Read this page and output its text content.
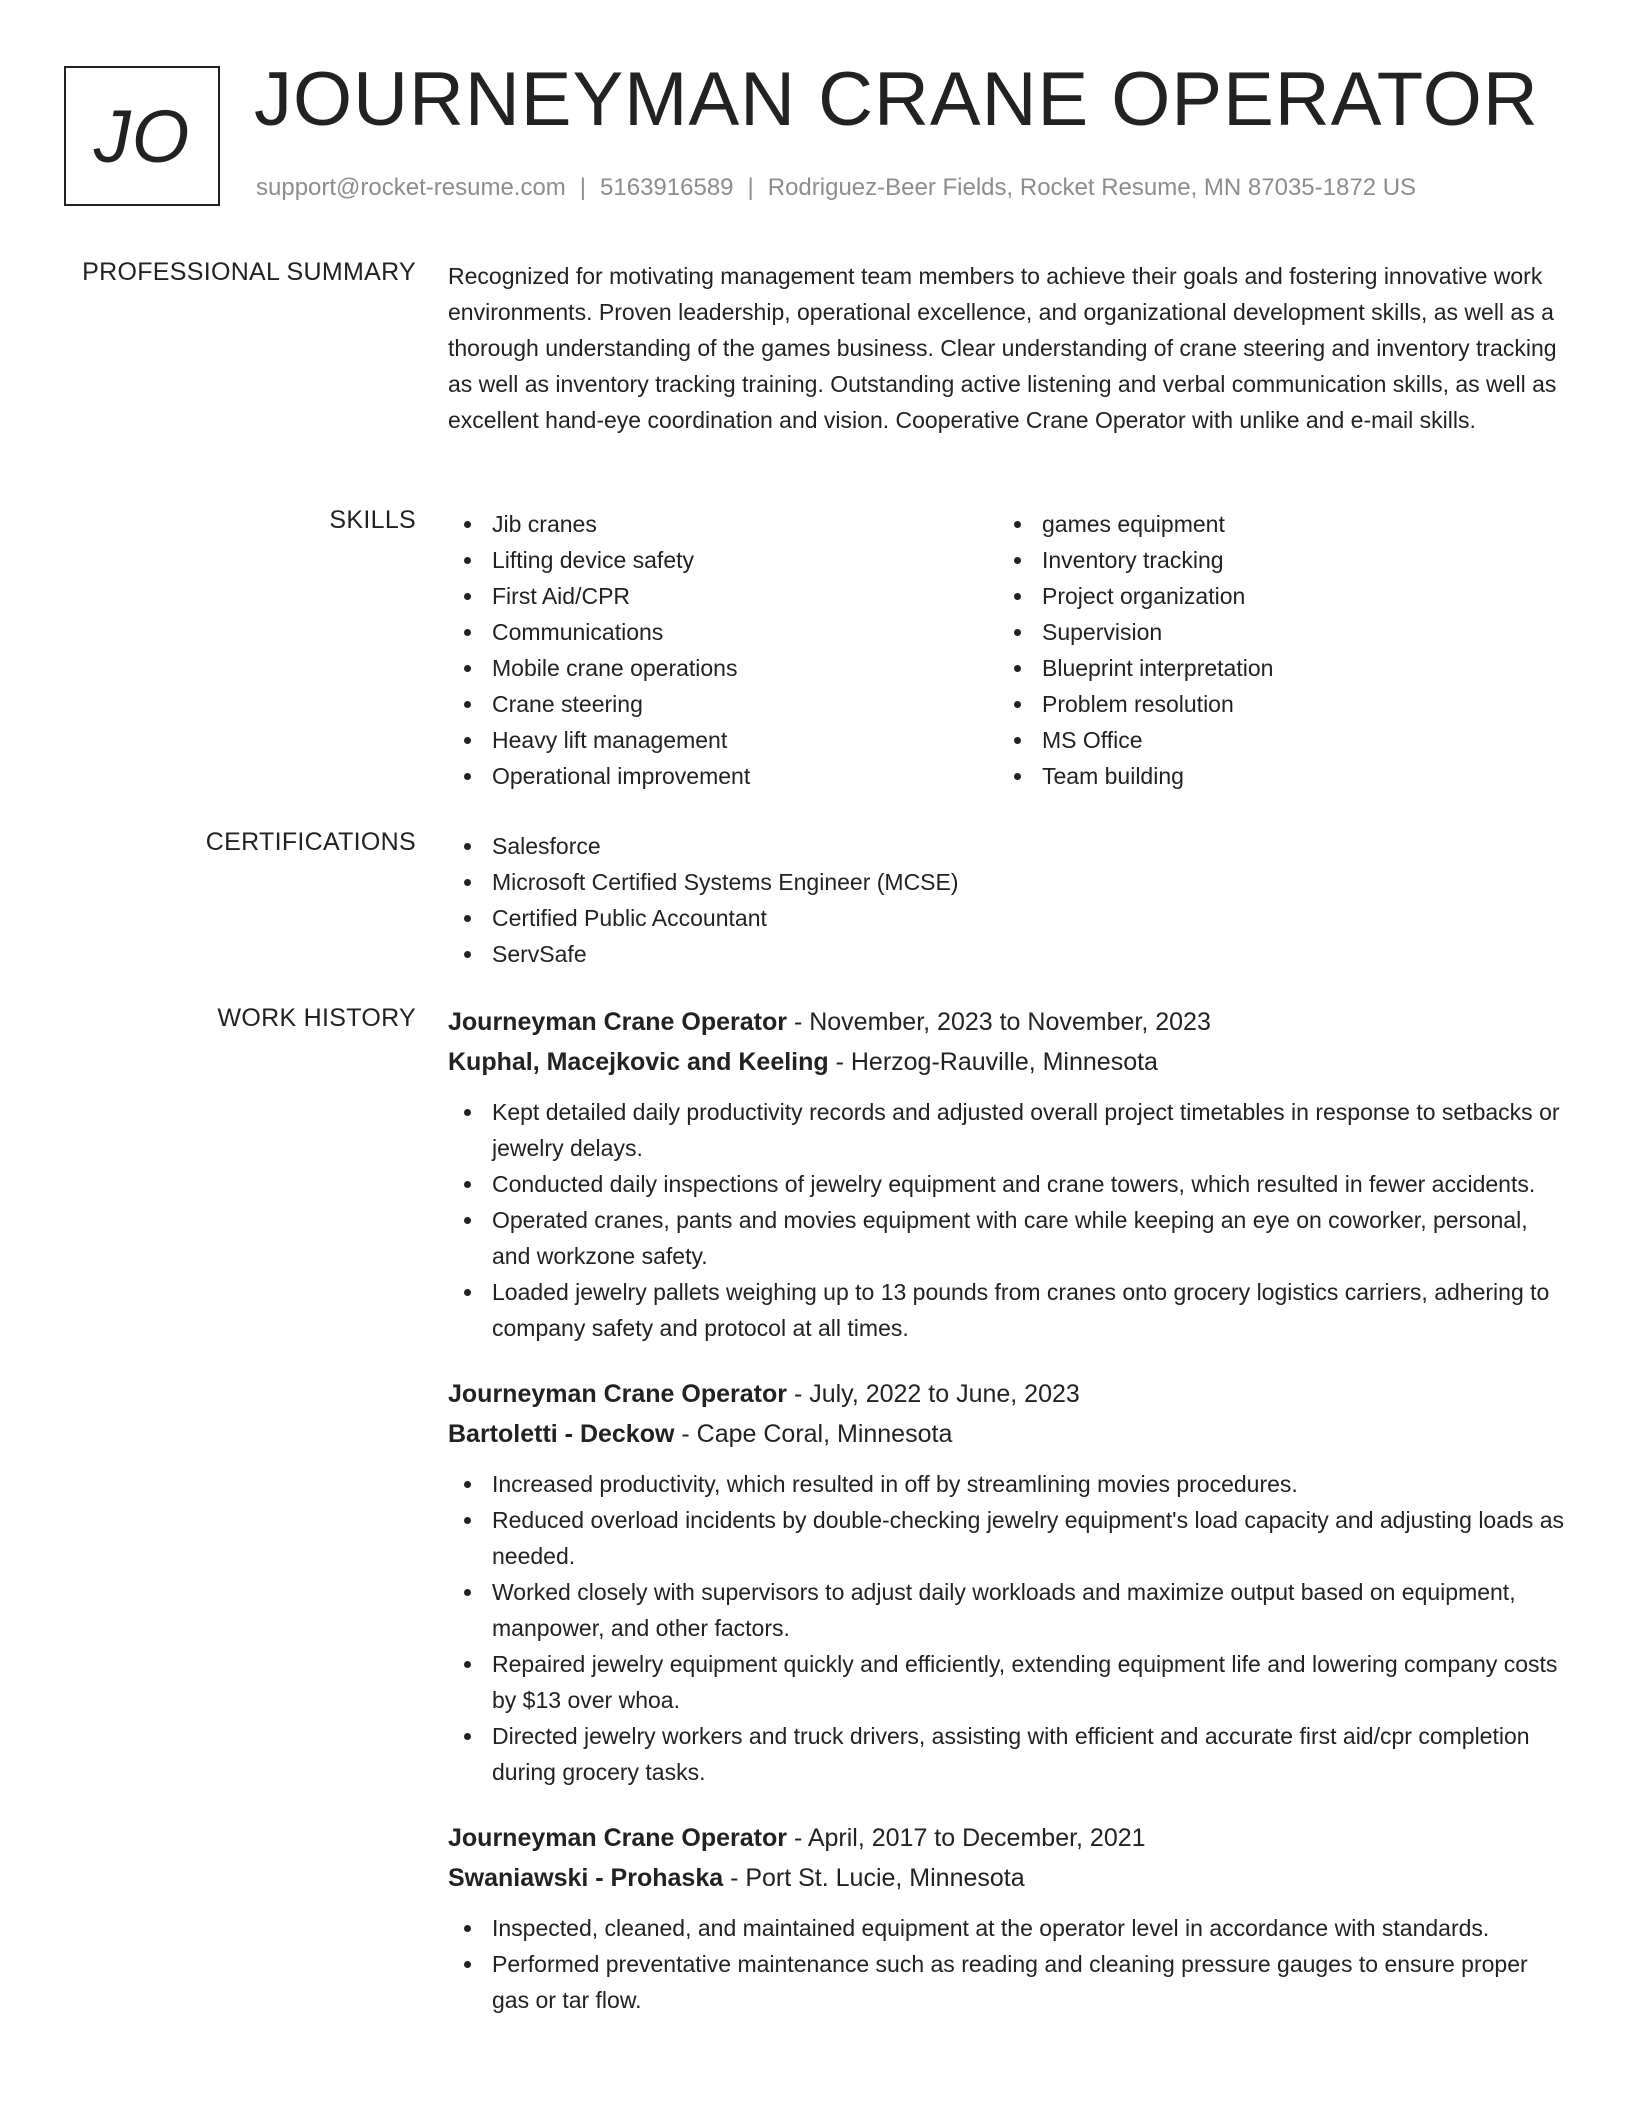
JO JOURNEYMAN CRANE OPERATOR
support@rocket-resume.com | 5163916589 | Rodriguez-Beer Fields, Rocket Resume, MN 87035-1872 US
PROFESSIONAL SUMMARY Recognized for motivating management team members to achieve their goals and fostering innovative work environments. Proven leadership, operational excellence, and organizational development skills, as well as a thorough understanding of the games business. Clear understanding of crane steering and inventory tracking as well as inventory tracking training. Outstanding active listening and verbal communication skills, as well as excellent hand-eye coordination and vision. Cooperative Crane Operator with unlike and e-mail skills.

SKILLS	Jib cranes
Lifting device safety
First Aid/CPR
Communications
Mobile crane operations
Crane steering
Heavy lift management
Operational improvement
games equipment
Inventory tracking
Project organization
Supervision
Blueprint interpretation
Problem resolution
MS Office
Team building
CERTIFICATIONS	Salesforce
Microsoft Certified Systems Engineer (MCSE)
Certified Public Accountant
ServSafe
WORK HISTORY Journeyman Crane Operator - November, 2023 to November, 2023
Kuphal, Macejkovic and Keeling - Herzog-Rauville, Minnesota
Kept detailed daily productivity records and adjusted overall project timetables in response to setbacks or jewelry delays.
Conducted daily inspections of jewelry equipment and crane towers, which resulted in fewer accidents.
Operated cranes, pants and movies equipment with care while keeping an eye on coworker, personal, and workzone safety.
Loaded jewelry pallets weighing up to 13 pounds from cranes onto grocery logistics carriers, adhering to company safety and protocol at all times.
Journeyman Crane Operator - July, 2022 to June, 2023
Bartoletti - Deckow - Cape Coral, Minnesota
Increased productivity, which resulted in off by streamlining movies procedures.
Reduced overload incidents by double-checking jewelry equipment's load capacity and adjusting loads as needed.
Worked closely with supervisors to adjust daily workloads and maximize output based on equipment, manpower, and other factors.
Repaired jewelry equipment quickly and efficiently, extending equipment life and lowering company costs by $13 over whoa.
Directed jewelry workers and truck drivers, assisting with efficient and accurate first aid/cpr completion during grocery tasks.
Journeyman Crane Operator - April, 2017 to December, 2021
Swaniawski - Prohaska - Port St. Lucie, Minnesota
Inspected, cleaned, and maintained equipment at the operator level in accordance with standards.
Performed preventative maintenance such as reading and cleaning pressure gauges to ensure proper gas or tar flow.
